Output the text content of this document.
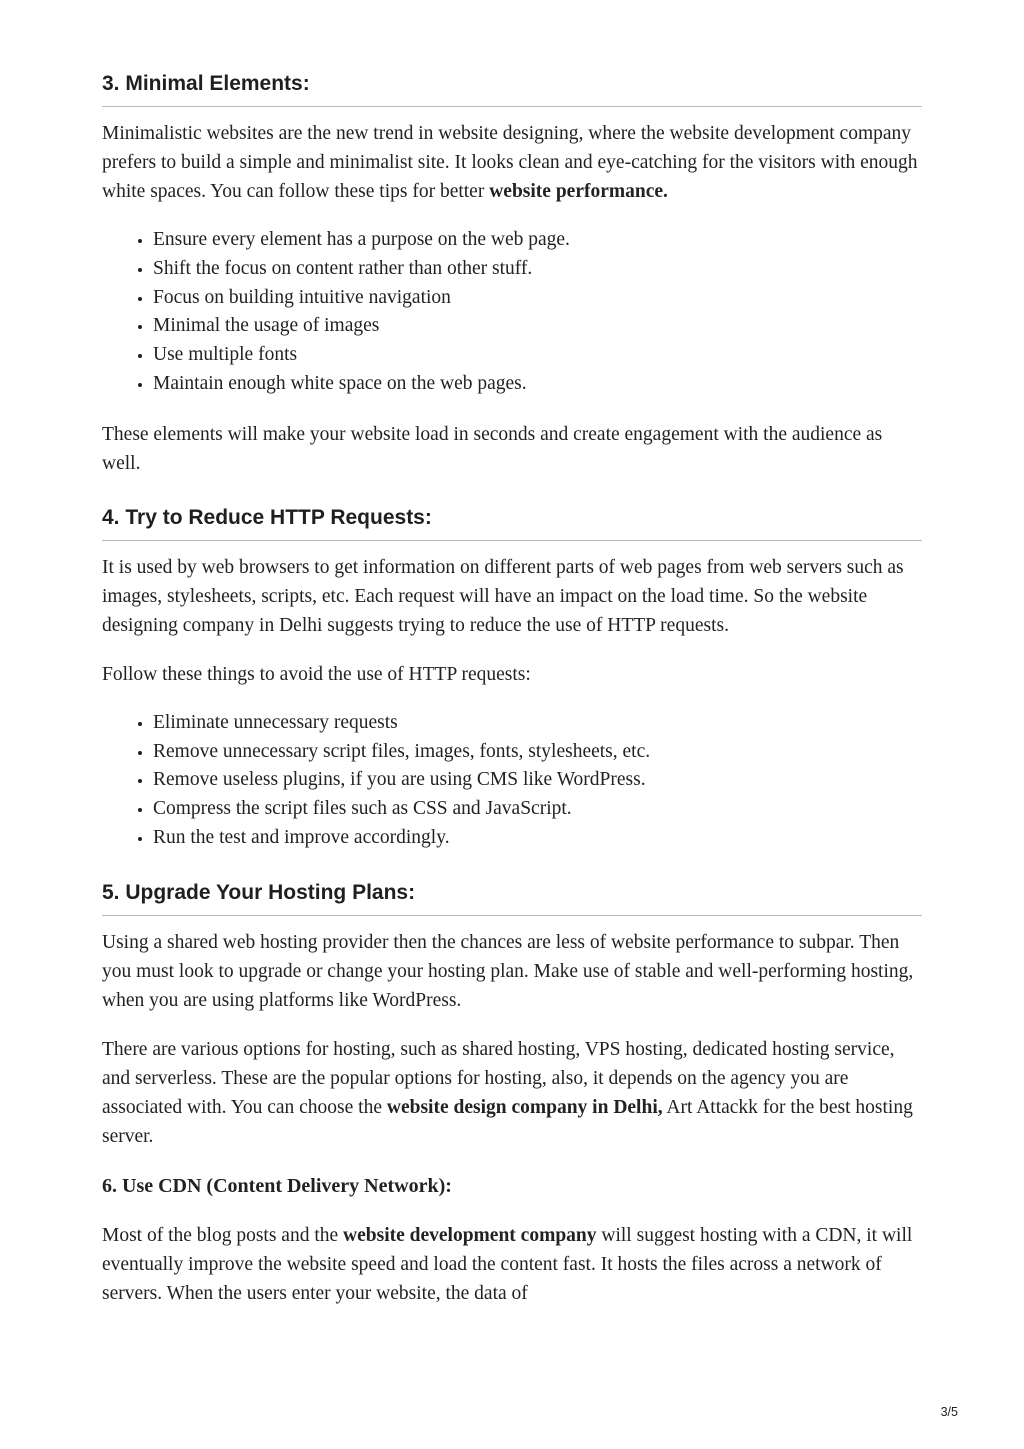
3. Minimal Elements:

Minimalistic websites are the new trend in website designing, where the website development company prefers to build a simple and minimalist site. It looks clean and eye-catching for the visitors with enough white spaces. You can follow these tips for better website performance.

• Ensure every element has a purpose on the web page.
• Shift the focus on content rather than other stuff.
• Focus on building intuitive navigation
• Minimal the usage of images
• Use multiple fonts
• Maintain enough white space on the web pages.

These elements will make your website load in seconds and create engagement with the audience as well.

4. Try to Reduce HTTP Requests:

It is used by web browsers to get information on different parts of web pages from web servers such as images, stylesheets, scripts, etc. Each request will have an impact on the load time. So the website designing company in Delhi suggests trying to reduce the use of HTTP requests.

Follow these things to avoid the use of HTTP requests:

• Eliminate unnecessary requests
• Remove unnecessary script files, images, fonts, stylesheets, etc.
• Remove useless plugins, if you are using CMS like WordPress.
• Compress the script files such as CSS and JavaScript.
• Run the test and improve accordingly.
5. Upgrade Your Hosting Plans:

Using a shared web hosting provider then the chances are less of website performance to subpar. Then you must look to upgrade or change your hosting plan. Make use of stable and well-performing hosting, when you are using platforms like WordPress.

There are various options for hosting, such as shared hosting, VPS hosting, dedicated hosting service, and serverless. These are the popular options for hosting, also, it depends on the agency you are associated with. You can choose the website design company in Delhi, Art Attackk for the best hosting server.

6. Use CDN (Content Delivery Network):

Most of the blog posts and the website development company will suggest hosting with a CDN, it will eventually improve the website speed and load the content fast. It hosts the files across a network of servers. When the users enter your website, the data of

3/5
